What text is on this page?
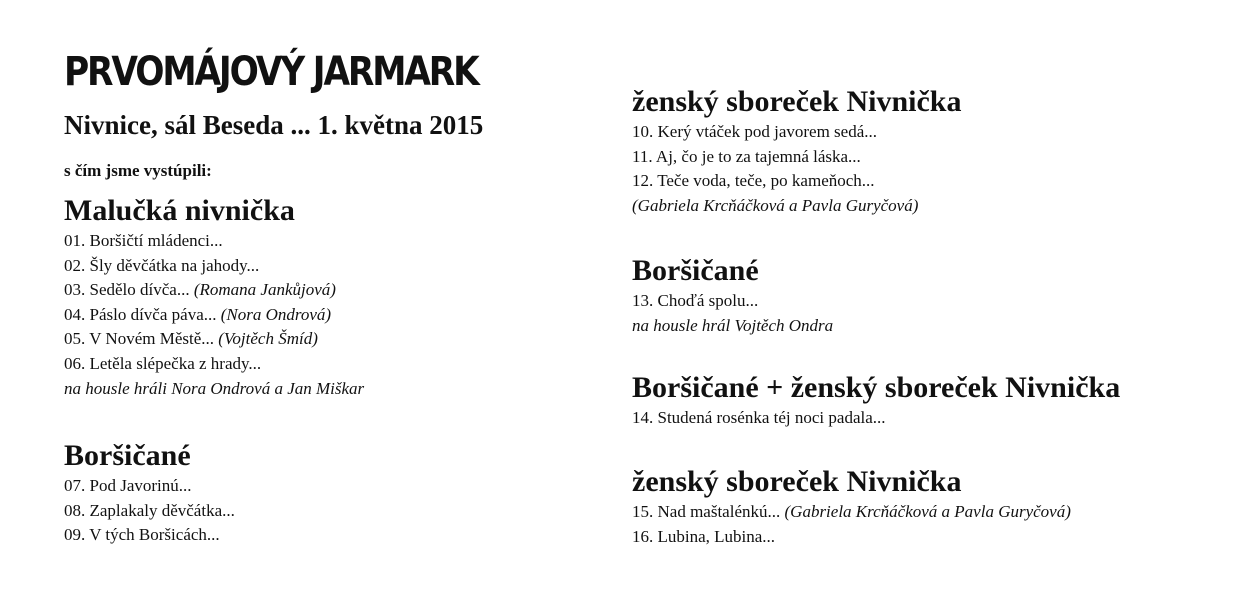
PRVOMÁJOVÝ JARMARK
Nivnice, sál Beseda ... 1. května 2015
s čím jsme vystúpili:
Malučká nivnička
01. Boršičtí mládenci...
02. Šly děvčátka na jahody...
03. Sedělo dívča... (Romana Jankůjová)
04. Páslo dívča páva... (Nora Ondrová)
05. V Novém Městě... (Vojtěch Šmíd)
06. Letěla slépečka z hrady...
na housle hráli Nora Ondrová a Jan Miškar
Boršičané
07. Pod Javorinú...
08. Zaplakaly děvčátka...
09. V tých Boršicách...
ženský sboreček Nivnička
10. Kerý vtáček pod javorem sedá...
11. Aj, čo je to za tajemná láska...
12. Teče voda, teče, po kameňoch...
(Gabriela Krcňáčková a Pavla Guryčová)
Boršičané
13. Choďá spolu...
na housle hrál Vojtěch Ondra
Boršičané + ženský sboreček Nivnička
14. Studená rosénka téj noci padala...
ženský sboreček Nivnička
15. Nad maštalénkú... (Gabriela Krcňáčková a Pavla Guryčová)
16. Lubina, Lubina...
